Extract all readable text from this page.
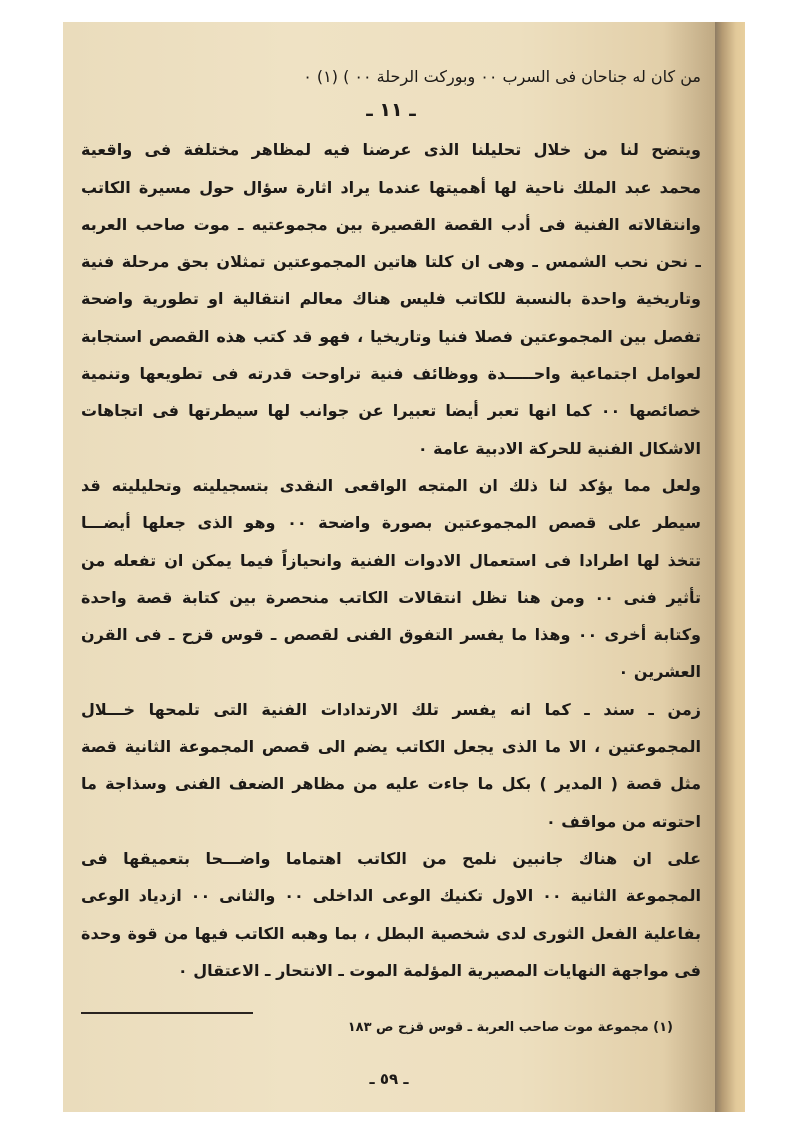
من كان له جناحان فى السرب ٠٠ وبوركت الرحلة ٠٠ ) (١) ٠
ـ ١١ ـ
ويتضح لنا من خلال تحليلنا الذى عرضنا فيه لمظاهر مختلفة فى واقعية
محمد عبد الملك ناحية لها أهميتها عندما يراد اثارة سؤال حول مسيرة الكاتب
وانتقالاته الفنية فى أدب القصة القصيرة بين مجموعتيه ـ موت صاحب العربه
ـ نحن نحب الشمس ـ وهى ان كلتا هاتين المجموعتين تمثلان بحق مرحلة فنية
وتاريخية واحدة بالنسبة للكاتب فليس هناك معالم انتقالية او تطورية واضحة
تفصل بين المجموعتين فصلا فنيا وتاريخيا ، فهو قد كتب هذه القصص استجابة
لعوامل اجتماعية واحـــــدة ووظائف فنية تراوحت قدرته فى تطويعها وتنمية
خصائصها ٠٠ كما انها تعبر أيضا تعبيرا عن جوانب لها سيطرتها فى اتجاهات
الاشكال الفنية للحركة الادبية عامة ٠
ولعل مما يؤكد لنا ذلك ان المتجه الواقعى النقدى بتسجيليته وتحليليته قد
سيطر على قصص المجموعتين بصورة واضحة ٠٠ وهو الذى جعلها أيضـــا
تتخذ لها اطرادا فى استعمال الادوات الفنية وانحيازاً فيما يمكن ان تفعله من
تأثير فنى ٠٠ ومن هنا تظل انتقالات الكاتب منحصرة بين كتابة قصة واحدة
وكتابة أخرى ٠٠ وهذا ما يفسر التفوق الفنى لقصص ـ قوس قزح ـ فى القرن
العشرين ٠
زمن ـ سند ـ كما انه يفسر تلك الارتدادات الفنية التى تلمحها خـــلال
المجموعتين ، الا ما الذى يجعل الكاتب يضم الى قصص المجموعة الثانية قصة
مثل قصة ( المدير ) بكل ما جاءت عليه من مظاهر الضعف الفنى وسذاجة ما
احتوته من مواقف ٠
على ان هناك جانبين نلمح من الكاتب اهتماما واضـــحا بتعميقها فى
المجموعة الثانية ٠٠ الاول تكنيك الوعى الداخلى ٠٠ والثانى ٠٠ ازدياد الوعى
بفاعلية الفعل الثورى لدى شخصية البطل ، بما وهبه الكاتب فيها من قوة وحدة
فى مواجهة النهايات المصيرية المؤلمة الموت ـ الانتحار ـ الاعتقال ٠
(١) مجموعة موت صاحب العربة ـ قوس قزح ص ١٨٣
ـ ٥٩ ـ
